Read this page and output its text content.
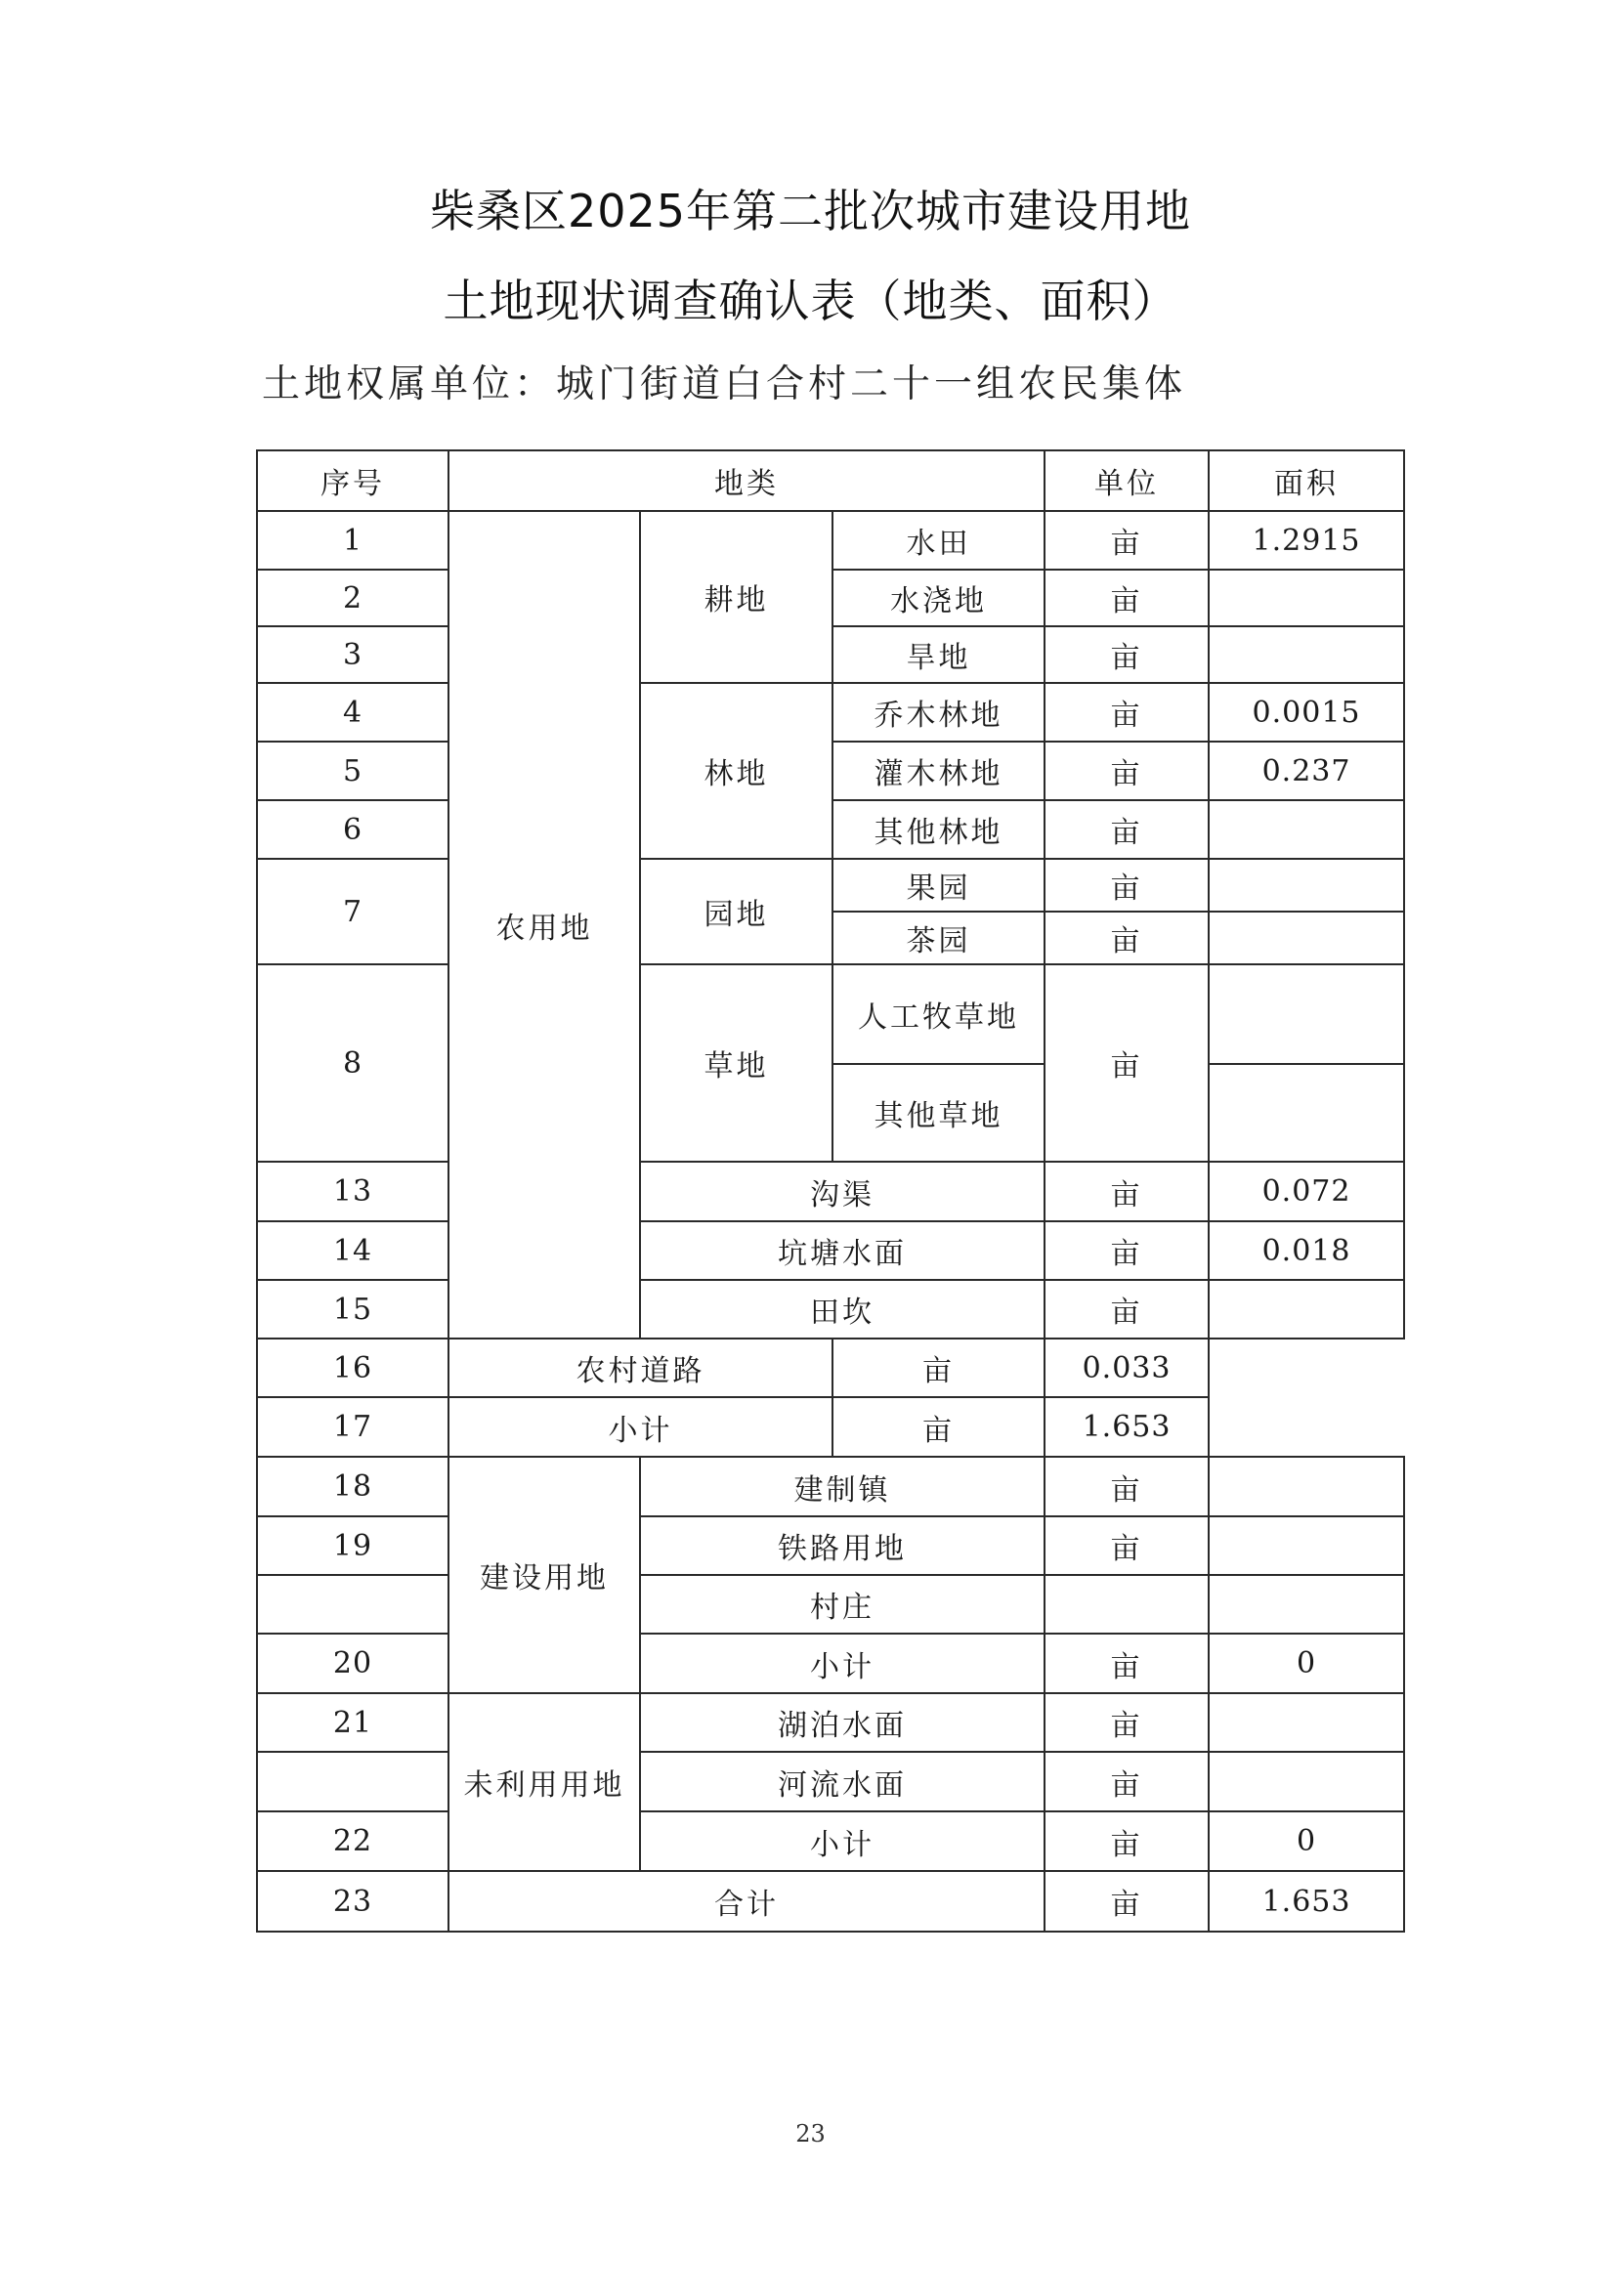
柴桑区2025年第二批次城市建设用地
土地现状调查确认表（地类、面积）
土地权属单位：城门街道白合村二十一组农民集体
序号	地类			单位	面积
1	农用地	耕地	水田	亩	1.2915
2			水浇地	亩	
3			旱地	亩	
4		林地	乔木林地	亩	0.0015
5			灌木林地	亩	0.237
6			其他林地	亩	
7		园地	果园	亩	
			茶园	亩	
8		草地	人工牧草地	亩	
			其他草地		
13		沟渠		亩	0.072
14		坑塘水面		亩	0.018
15		田坎		亩	
16	农村道路		亩	0.033	
17	小计		亩	1.653	
18	建设用地	建制镇		亩	
19		铁路用地		亩	
		村庄			
20		小计		亩	0
21	未利用用地	湖泊水面		亩	
		河流水面		亩	
22		小计		亩	0
23	合计			亩	1.653
23
